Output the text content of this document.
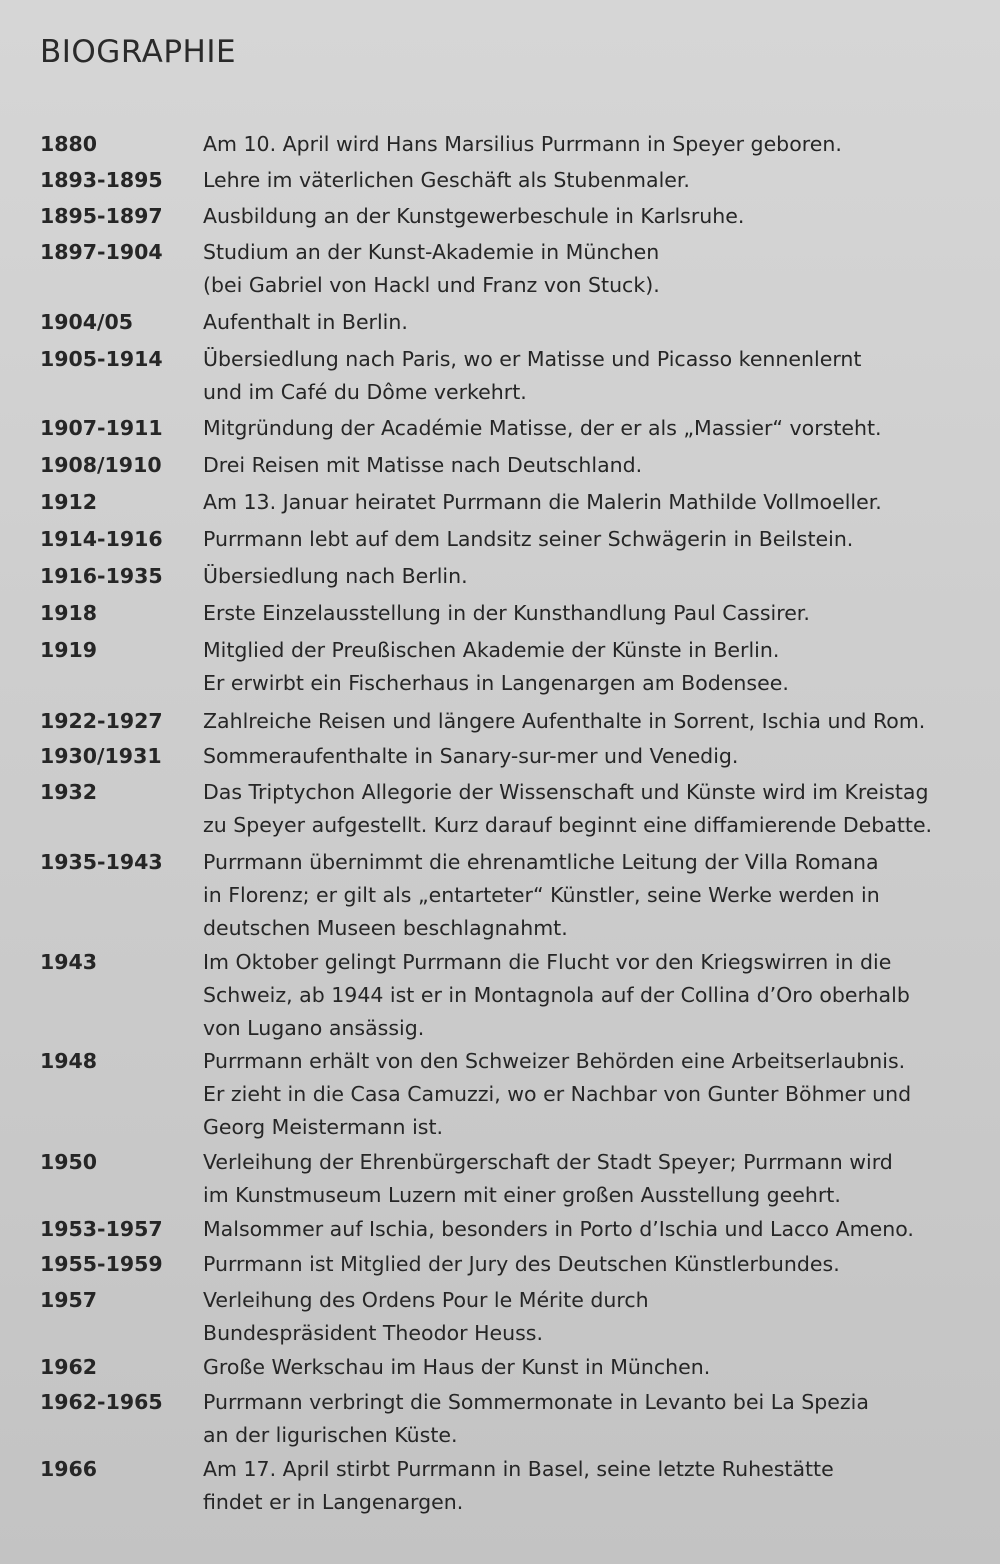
BIOGRAPHIE
1880	Am 10. April wird Hans Marsilius Purrmann in Speyer geboren.
1893-1895 Lehre im väterlichen Geschäft als Stubenmaler.
1895-1897 Ausbildung an der Kunstgewerbeschule in Karlsruhe.
1897-1904 Studium an der Kunst-Akademie in München
(bei Gabriel von Hackl und Franz von Stuck).
1904/05	Aufenthalt in Berlin.
1905-1914 Übersiedlung nach Paris, wo er Matisse und Picasso kennenlernt
und im Café du Dôme verkehrt.
1907-1911 Mitgründung der Académie Matisse, der er als „Massier“ vorsteht.
1908/1910 Drei Reisen mit Matisse nach Deutschland.
1912	Am 13. Januar heiratet Purrmann die Malerin Mathilde Vollmoeller.
1914-1916 Purrmann lebt auf dem Landsitz seiner Schwägerin in Beilstein.
1916-1935 Übersiedlung nach Berlin.
1918	Erste Einzelausstellung in der Kunsthandlung Paul Cassirer.
1919	Mitglied der Preußischen Akademie der Künste in Berlin.
Er erwirbt ein Fischerhaus in Langenargen am Bodensee.
1922-1927 Zahlreiche Reisen und längere Aufenthalte in Sorrent, Ischia und Rom.
1930/1931 Sommeraufenthalte in Sanary-sur-mer und Venedig.
1932	Das Triptychon Allegorie der Wissenschaft und Künste wird im Kreistag
zu Speyer aufgestellt. Kurz darauf beginnt eine diffamierende Debatte.
1935-1943 Purrmann übernimmt die ehrenamtliche Leitung der Villa Romana
in Florenz; er gilt als „entarteter“ Künstler, seine Werke werden in
deutschen Museen beschlagnahmt.
1943	Im Oktober gelingt Purrmann die Flucht vor den Kriegswirren in die
Schweiz, ab 1944 ist er in Montagnola auf der Collina d’Oro oberhalb
von Lugano ansässig.
1948	Purrmann erhält von den Schweizer Behörden eine Arbeitserlaubnis.
Er zieht in die Casa Camuzzi, wo er Nachbar von Gunter Böhmer und
Georg Meistermann ist.
1950	Verleihung der Ehrenbürgerschaft der Stadt Speyer; Purrmann wird
im Kunstmuseum Luzern mit einer großen Ausstellung geehrt.
1953-1957 Malsommer auf Ischia, besonders in Porto d’Ischia und Lacco Ameno.
1955-1959 Purrmann ist Mitglied der Jury des Deutschen Künstlerbundes.
1957	Verleihung des Ordens Pour le Mérite durch
Bundespräsident Theodor Heuss.
1962	Große Werkschau im Haus der Kunst in München.
1962-1965 Purrmann verbringt die Sommermonate in Levanto bei La Spezia
an der ligurischen Küste.
1966	Am 17. April stirbt Purrmann in Basel, seine letzte Ruhestätte
findet er in Langenargen.
